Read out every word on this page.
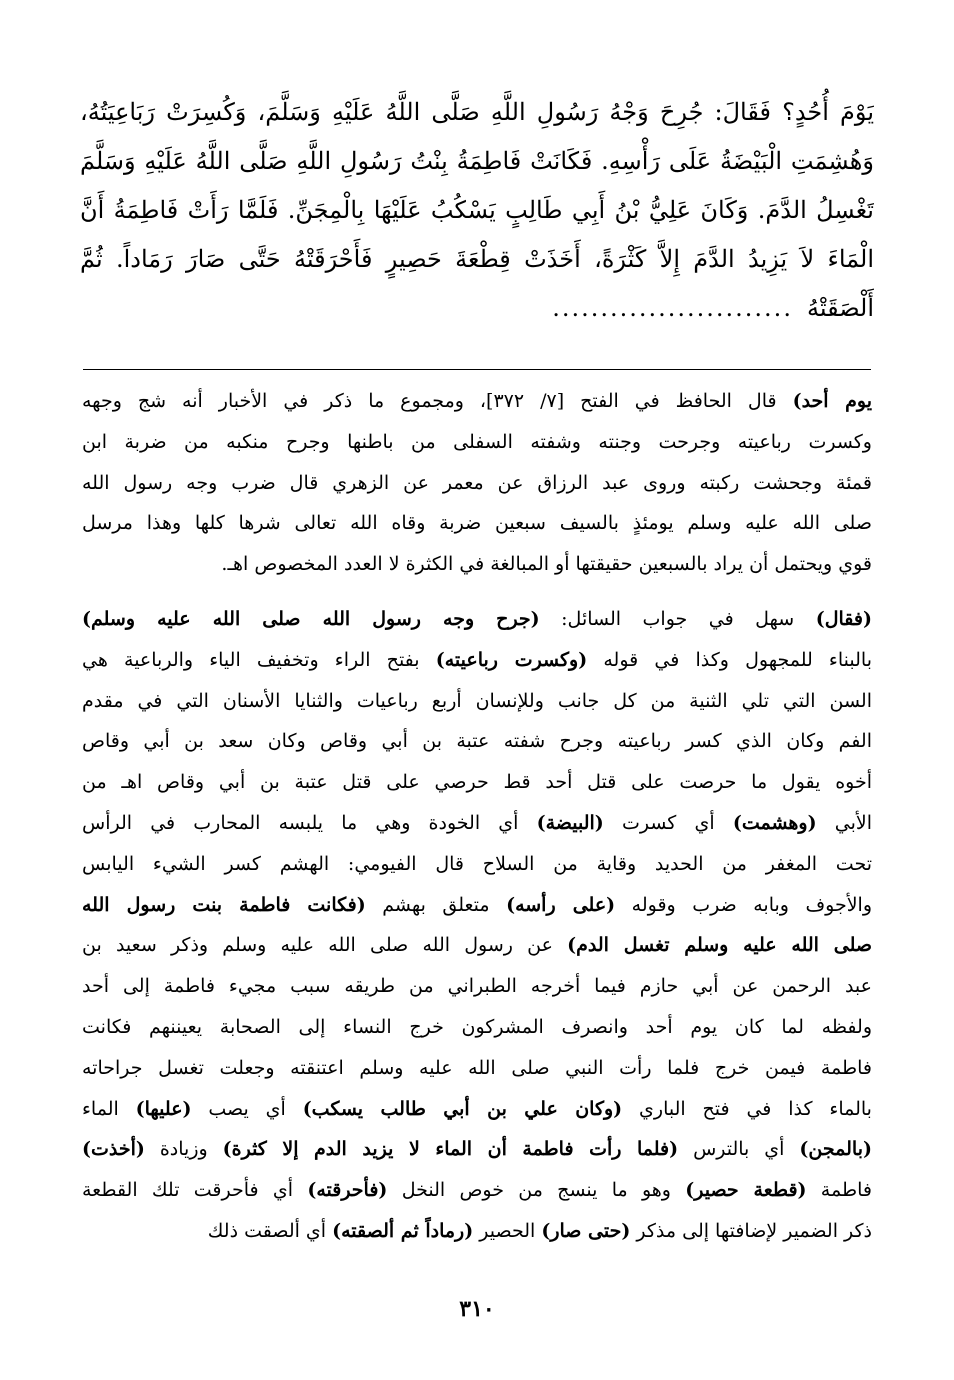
يَوْمَ أُحُدٍ؟ فَقَالَ: جُرِحَ وَجْهُ رَسُولِ اللَّهِ صَلَّى اللَّهُ عَلَيْهِ وَسَلَّمَ، وَكُسِرَتْ رَبَاعِيَتُهُ،
وَهُشِمَتِ الْبَيْضَةُ عَلَى رَأْسِهِ. فَكَانَتْ فَاطِمَةُ بِنْتُ رَسُولِ اللَّهِ صَلَّى اللَّهُ عَلَيْهِ وَسَلَّمَ
تَغْسِلُ الدَّمَ. وَكَانَ عَلِيُّ بْنُ أَبِي طَالِبٍ يَسْكُبُ عَلَيْهَا بِالْمِجَنِّ. فَلَمَّا رَأَتْ فَاطِمَةُ أَنَّ
الْمَاءَ لاَ يَزِيدُ الدَّمَ إِلاَّ كَثْرَةً، أَخَذَتْ قِطْعَةَ حَصِيرٍ فَأَحْرَقَتْهُ حَتَّى صَارَ رَمَاداً. ثُمَّ
أَلْصَقَتْهُ.........................
يوم أحد) قال الحافظ في الفتح [٧/ ٣٧٢]، ومجموع ما ذكر في الأخبار أنه شج وجهه
وكسرت رباعيته وجرحت وجنته وشفته السفلى من باطنها وجرح منكبه من ضربة ابن
قمئة وجحشت ركبته وروى عبد الرزاق عن معمر عن الزهري قال ضرب وجه رسول الله
صلى الله عليه وسلم يومئذٍ بالسيف سبعين ضربة وقاه الله تعالى شرها كلها وهذا مرسل
قوي ويحتمل أن يراد بالسبعين حقيقتها أو المبالغة في الكثرة لا العدد المخصوص اهـ.
(فقال) سهل في جواب السائل: (جرح وجه رسول الله صلى الله عليه وسلم)
بالبناء للمجهول وكذا في قوله (وكسرت رباعيته) بفتح الراء وتخفيف الياء والرباعية هي
السن التي تلي الثنية من كل جانب وللإنسان أربع رباعيات والثنايا الأسنان التي في مقدم
الفم وكان الذي كسر رباعيته وجرح شفته عتبة بن أبي وقاص وكان سعد بن أبي وقاص
أخوه يقول ما حرصت على قتل أحد قط حرصي على قتل عتبة بن أبي وقاص اهـ من
الأبي (وهشمت) أي كسرت (البيضة) أي الخودة وهي ما يلبسه المحارب في الرأس
تحت المغفر من الحديد وقاية من السلاح قال الفيومي: الهشم كسر الشيء اليابس
والأجوف وبابه ضرب وقوله (على رأسه) متعلق بهشم (فكانت فاطمة بنت رسول الله
صلى الله عليه وسلم تغسل الدم) عن رسول الله صلى الله عليه وسلم وذكر سعيد بن
عبد الرحمن عن أبي حازم فيما أخرجه الطبراني من طريقه سبب مجيء فاطمة إلى أحد
ولفظه لما كان يوم أحد وانصرف المشركون خرج النساء إلى الصحابة يعيننهم فكانت
فاطمة فيمن خرج فلما رأت النبي صلى الله عليه وسلم اعتنقته وجعلت تغسل جراحاته
بالماء كذا في فتح الباري (وكان علي بن أبي طالب يسكب) أي يصب (عليها) الماء
(بالمجن) أي بالترس (فلما رأت فاطمة أن الماء لا يزيد الدم إلا كثرة) وزيادة (أخذت)
فاطمة (قطعة حصير) وهو ما ينسج من خوص النخل (فأحرقته) أي فأحرقت تلك القطعة
ذكر الضمير لإضافتها إلى مذكر (حتى صار) الحصير (رماداً ثم ألصقته) أي ألصقت ذلك
٣١٠
